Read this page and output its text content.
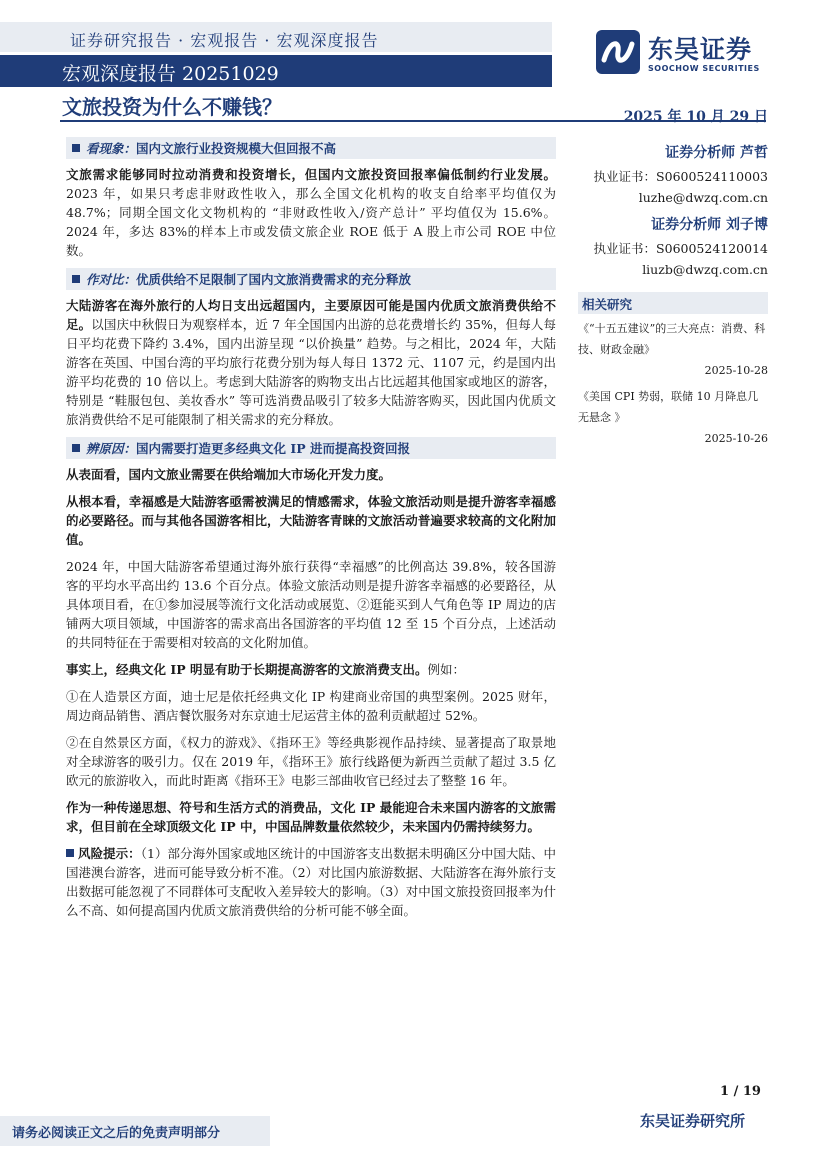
证券研究报告 · 宏观报告 · 宏观深度报告
宏观深度报告 20251029
东吴证券
SOOCHOW SECURITIES
文旅投资为什么不赚钱？
看现象：国内文旅行业投资规模大但回报不高

文旅需求能够同时拉动消费和投资增长，但国内文旅投资回报率偏低制约行业发展。2023 年，如果只考虑非财政性收入，那么全国文化机构的收支自给率平均值仅为 48.7%；同期全国文化文物机构的 “非财政性收入/资产总计” 平均值仅为 15.6%。2024 年，多达 83%的样本上市或发债文旅企业 ROE 低于 A 股上市公司 ROE 中位数。

作对比：优质供给不足限制了国内文旅消费需求的充分释放

大陆游客在海外旅行的人均日支出远超国内，主要原因可能是国内优质文旅消费供给不足。以国庆中秋假日为观察样本，近 7 年全国国内出游的总花费增长约 35%，但每人每日平均花费下降约 3.4%，国内出游呈现 “以价换量” 趋势。与之相比，2024 年，大陆游客在英国、中国台湾的平均旅行花费分别为每人每日 1372 元、1107 元，约是国内出游平均花费的 10 倍以上。考虑到大陆游客的购物支出占比远超其他国家或地区的游客，特别是 “鞋服包包、美妆香水” 等可选消费品吸引了较多大陆游客购买，因此国内优质文旅消费供给不足可能限制了相关需求的充分释放。

辨原因：国内需要打造更多经典文化 IP 进而提高投资回报

从表面看，国内文旅业需要在供给端加大市场化开发力度。

从根本看，幸福感是大陆游客亟需被满足的情感需求，体验文旅活动则是提升游客幸福感的必要路径。而与其他各国游客相比，大陆游客青睐的文旅活动普遍要求较高的文化附加值。

2024 年，中国大陆游客希望通过海外旅行获得“幸福感”的比例高达 39.8%，较各国游客的平均水平高出约 13.6 个百分点。体验文旅活动则是提升游客幸福感的必要路径，从具体项目看，在①参加浸展等流行文化活动或展览、②逛能买到人气角色等 IP 周边的店铺两大项目领域，中国游客的需求高出各国游客的平均值 12 至 15 个百分点，上述活动的共同特征在于需要相对较高的文化附加值。

事实上，经典文化 IP 明显有助于长期提高游客的文旅消费支出。例如：

①在人造景区方面，迪士尼是依托经典文化 IP 构建商业帝国的典型案例。2025 财年，周边商品销售、酒店餐饮服务对东京迪士尼运营主体的盈利贡献超过 52%。

②在自然景区方面，《权力的游戏》、《指环王》等经典影视作品持续、显著提高了取景地对全球游客的吸引力。仅在 2019 年，《指环王》旅行线路便为新西兰贡献了超过 3.5 亿欧元的旅游收入，而此时距离《指环王》电影三部曲收官已经过去了整整 16 年。

作为一种传递思想、符号和生活方式的消费品，文化 IP 最能迎合未来国内游客的文旅需求，但目前在全球顶级文化 IP 中，中国品牌数量依然较少，未来国内仍需持续努力。

风险提示：（1）部分海外国家或地区统计的中国游客支出数据未明确区分中国大陆、中国港澳台游客，进而可能导致分析不准。（2）对比国内旅游数据、大陆游客在海外旅行支出数据可能忽视了不同群体可支配收入差异较大的影响。（3）对中国文旅投资回报率为什么不高、如何提高国内优质文旅消费供给的分析可能不够全面。

2025 年 10 月 29 日
证券分析师 芦哲
执业证书：S0600524110003
luzhe@dwzq.com.cn
证券分析师 刘子博
执业证书：S0600524120014
liuzb@dwzq.com.cn
相关研究
《“十五五建议”的三大亮点：消费、科技、财政金融》
2025-10-28
《美国 CPI 势弱，联储 10 月降息几无悬念 》
2025-10-26
1 / 19
请务必阅读正文之后的免责声明部分
东吴证券研究所
